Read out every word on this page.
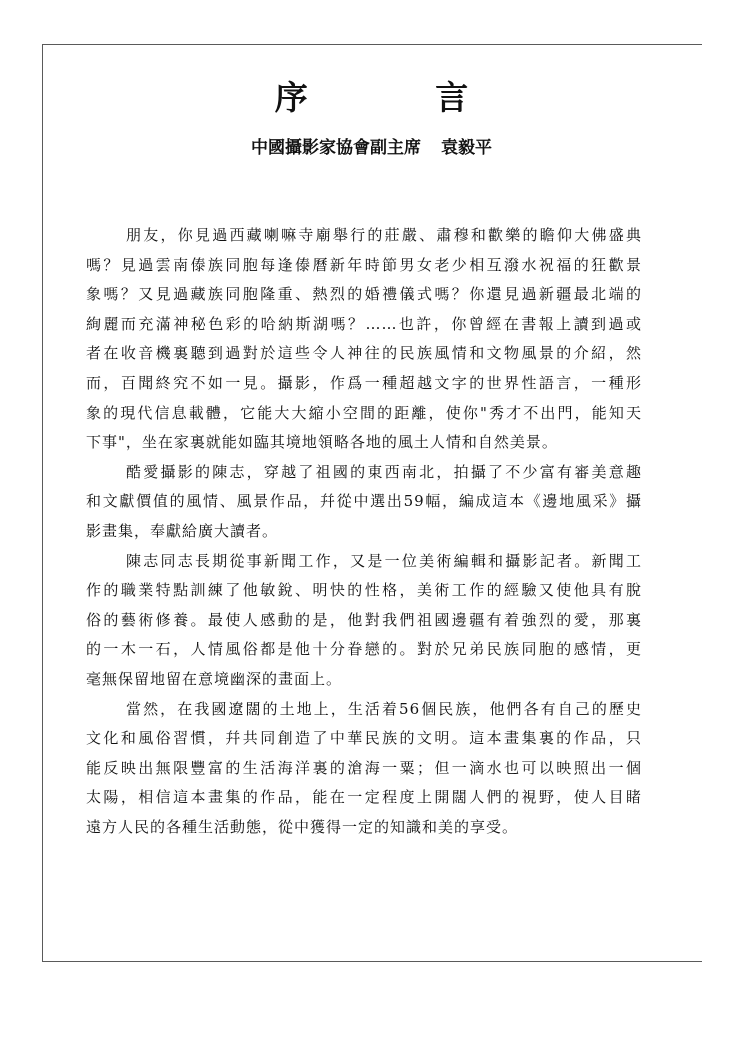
序 言
中國攝影家協會副主席 袁毅平

朋友，你見過西藏喇嘛寺廟舉行的莊嚴、肅穆和歡樂的瞻仰大佛盛典
嗎？見過雲南傣族同胞每逢傣曆新年時節男女老少相互潑水祝福的狂歡景
象嗎？又見過藏族同胞隆重、熱烈的婚禮儀式嗎？你還見過新疆最北端的
絢麗而充滿神秘色彩的哈納斯湖嗎？……也許，你曾經在書報上讀到過或
者在收音機裏聽到過對於這些令人神往的民族風情和文物風景的介紹，然
而，百聞終究不如一見。攝影，作爲一種超越文字的世界性語言，一種形
象的現代信息載體，它能大大縮小空間的距離，使你"秀才不出門，能知天
下事"，坐在家裏就能如臨其境地領略各地的風土人情和自然美景。

酷愛攝影的陳志，穿越了祖國的東西南北，拍攝了不少富有審美意趣
和文獻價值的風情、風景作品，幷從中選出59幅，編成這本《邊地風采》攝
影畫集，奉獻給廣大讀者。

陳志同志長期從事新聞工作，又是一位美術編輯和攝影記者。新聞工
作的職業特點訓練了他敏銳、明快的性格，美術工作的經驗又使他具有脫
俗的藝術修養。最使人感動的是，他對我們祖國邊疆有着強烈的愛，那裏
的一木一石，人情風俗都是他十分眷戀的。對於兄弟民族同胞的感情，更
毫無保留地留在意境幽深的畫面上。

當然，在我國遼闊的土地上，生活着56個民族，他們各有自己的歷史
文化和風俗習慣，幷共同創造了中華民族的文明。這本畫集裏的作品，只
能反映出無限豐富的生活海洋裏的滄海一粟；但一滴水也可以映照出一個
太陽，相信這本畫集的作品，能在一定程度上開闊人們的視野，使人目睹
遠方人民的各種生活動態，從中獲得一定的知識和美的享受。
